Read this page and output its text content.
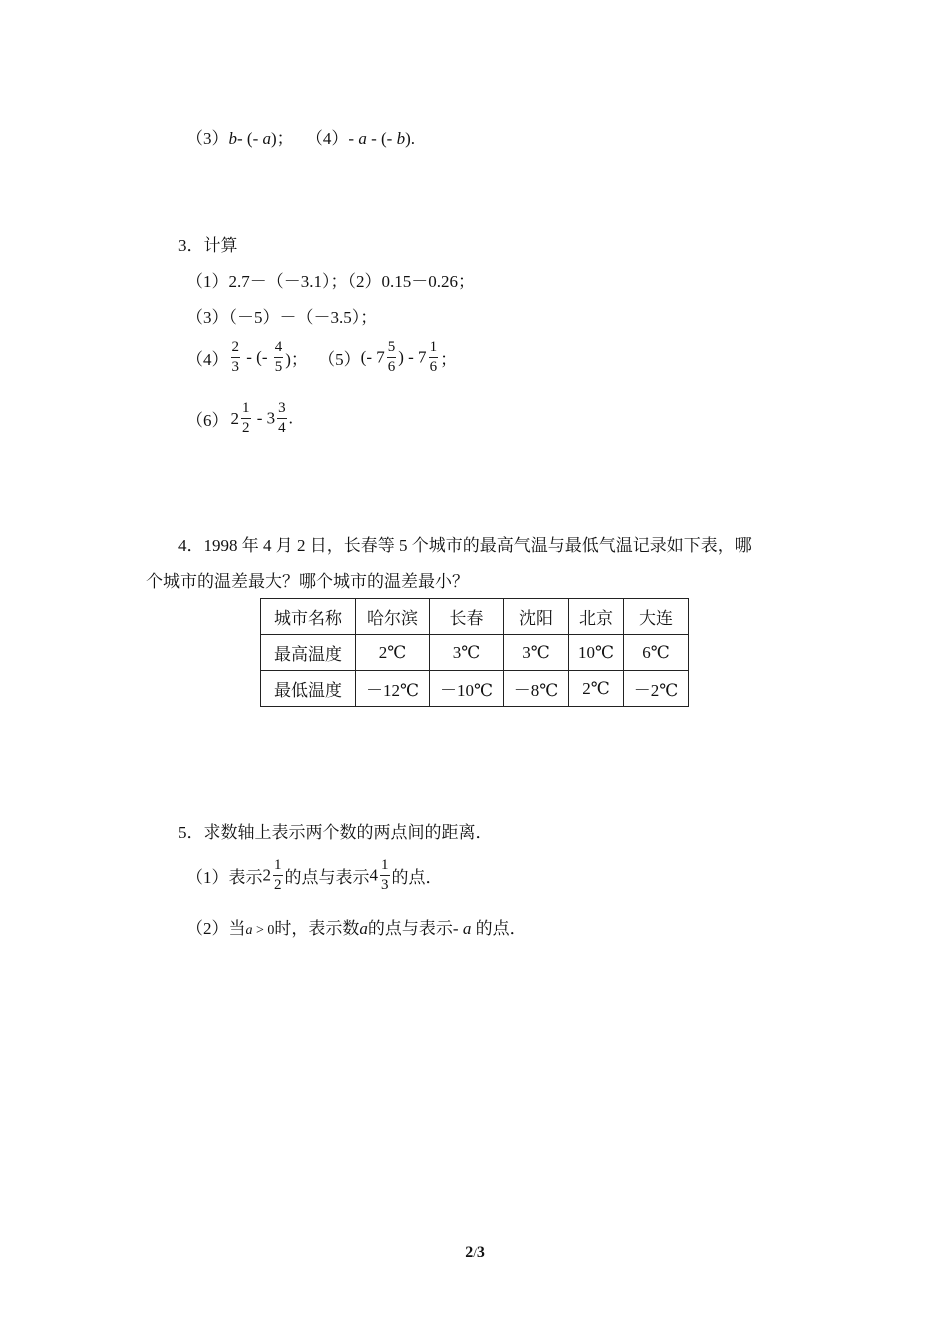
（3）b- (- a)； （4）- a - (- b).
3．计算
（1）2.7－（－3.1）；（2）0.15－0.26；
（3）（－5）－（－3.5）；
$(4) \frac{2}{3}$ - (- $\frac{4}{5}$ )； （5）(- $7 \frac{5}{6}$ ) - $7 \frac{1}{6}$ ；
（6） $2 \frac{1}{2} - 3 \frac{3}{4}$ .
4．1998 年 4 月 2 日，长春等 5 个城市的最高气温与最低气温记录如下表，哪
个城市的温差最大？哪个城市的温差最小？
城市名称	哈尔滨	长春	沈阳	北京	大连
最高温度	2℃	3℃	3℃	10℃	6℃
最低温度	－12℃	－10℃	－8℃	2℃	－2℃
5．求数轴上表示两个数的两点间的距离．
（1）表示$2 \frac{1}{2}$ 的点与表示$4 \frac{1}{3}$ 的点．
（2）当a > 0时，表示数a的点与表示- a 的点．
2/3
